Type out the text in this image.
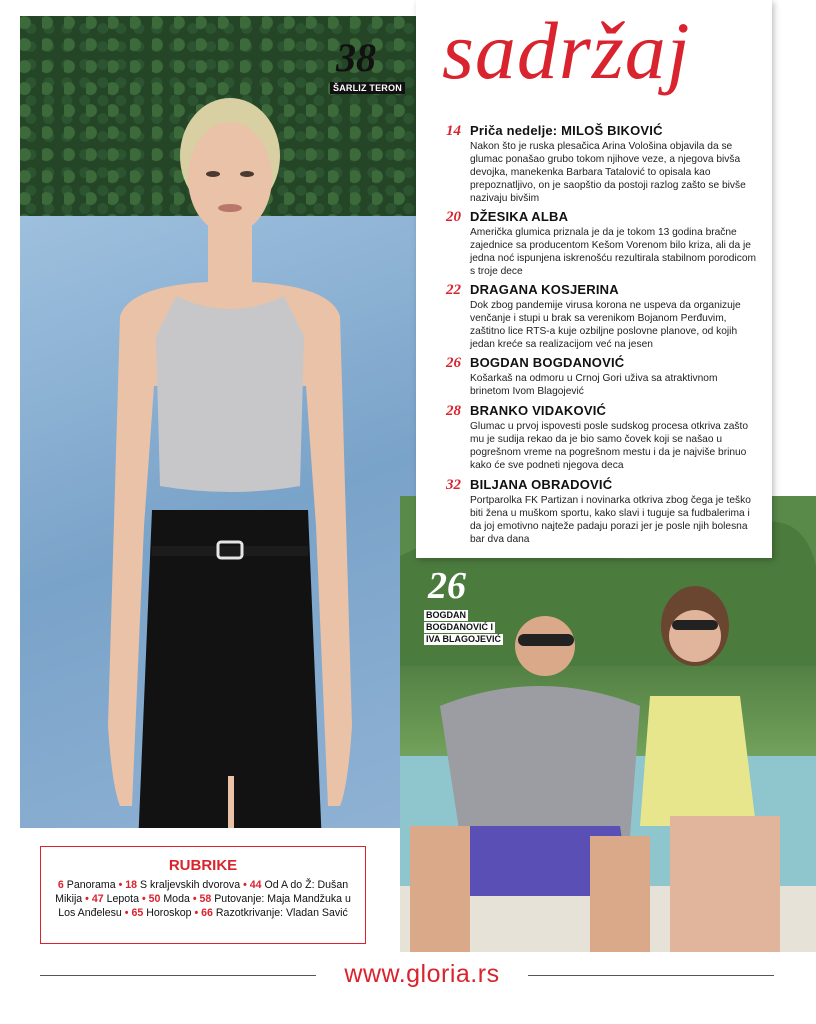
38
ŠARLIZ TERON
26
BOGDAN
BOGDANOVIĆ I
IVA BLAGOJEVIĆ
sadržaj
14 Priča nedelje: MILOŠ BIKOVIĆ
Nakon što je ruska plesačica Arina Vološina objavila da se glumac ponašao grubo tokom njihove veze, a njegova bivša devojka, manekenka Barbara Tatalović to opisala kao prepoznatljivo, on je saopštio da postoji razlog zašto se bivše nazivaju bivšim
20 DŽESIKA ALBA
Američka glumica priznala je da je tokom 13 godina bračne zajednice sa producentom Kešom Vorenom bilo kriza, ali da je jedna noć ispunjena iskrenošću rezultirala stabilnom porodicom s troje dece
22 DRAGANA KOSJERINA
Dok zbog pandemije virusa korona ne uspeva da organizuje venčanje i stupi u brak sa verenikom Bojanom Perđuvim, zaštitno lice RTS-a kuje ozbiljne poslovne planove, od kojih jedan kreće sa realizacijom već na jesen
26 BOGDAN BOGDANOVIĆ
Košarkaš na odmoru u Crnoj Gori uživa sa atraktivnom brinetom Ivom Blagojević
28 BRANKO VIDAKOVIĆ
Glumac u prvoj ispovesti posle sudskog procesa otkriva zašto mu je sudija rekao da je bio samo čovek koji se našao u pogrešnom vreme na pogrešnom mestu i da je najviše brinuo kako će sve podneti njegova deca
32 BILJANA OBRADOVIĆ
Portparolka FK Partizan i novinarka otkriva zbog čega je teško biti žena u muškom sportu, kako slavi i tuguje sa fudbalerima i da joj emotivno najteže padaju porazi jer je posle njih bolesna bar dva dana
RUBRIKE
6 Panorama • 18 S kraljevskih dvorova • 44 Od A do Ž: Dušan Mikija • 47 Lepota • 50 Moda • 58 Putovanje: Maja Mandžuka u Los Anđelesu • 65 Horoskop • 66 Razotkrivanje: Vladan Savić
www.gloria.rs
